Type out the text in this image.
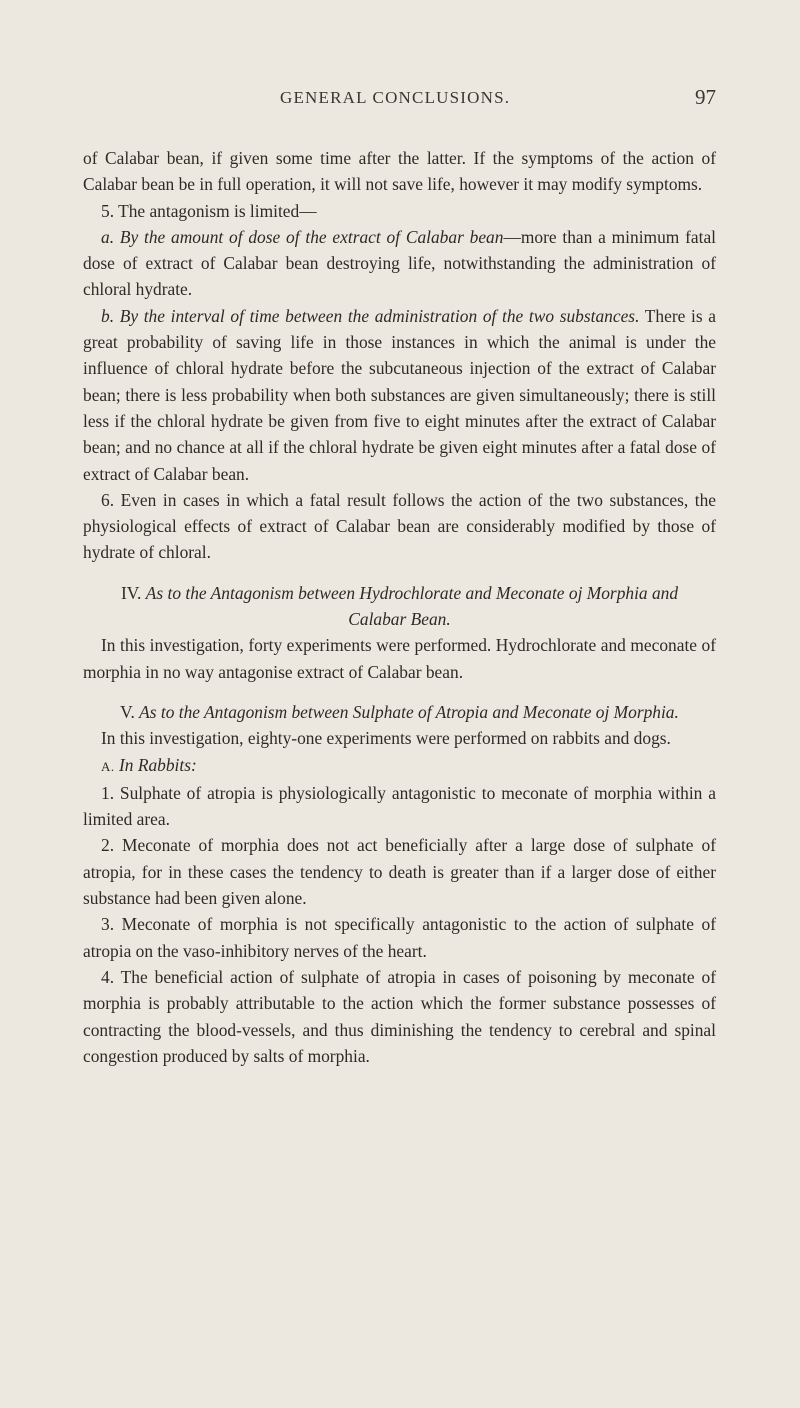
GENERAL CONCLUSIONS.	97

of Calabar bean, if given some time after the latter. If the symptoms of the action of Calabar bean be in full operation, it will not save life, however it may modify symptoms.

5. The antagonism is limited—

a. By the amount of dose of the extract of Calabar bean—more than a minimum fatal dose of extract of Calabar bean destroying life, notwithstanding the administration of chloral hydrate.

b. By the interval of time between the administration of the two substances. There is a great probability of saving life in those instances in which the animal is under the influence of chloral hydrate before the subcutaneous injection of the extract of Calabar bean; there is less probability when both substances are given simultaneously; there is still less if the chloral hydrate be given from five to eight minutes after the extract of Calabar bean; and no chance at all if the chloral hydrate be given eight minutes after a fatal dose of extract of Calabar bean.

6. Even in cases in which a fatal result follows the action of the two substances, the physiological effects of extract of Calabar bean are considerably modified by those of hydrate of chloral.

IV. As to the Antagonism between Hydrochlorate and Meconate oj Morphia and Calabar Bean.

In this investigation, forty experiments were performed. Hydrochlorate and meconate of morphia in no way antagonise extract of Calabar bean.

V. As to the Antagonism between Sulphate of Atropia and Meconate oj Morphia.

In this investigation, eighty-one experiments were performed on rabbits and dogs.

A. In Rabbits:

1. Sulphate of atropia is physiologically antagonistic to meconate of morphia within a limited area.

2. Meconate of morphia does not act beneficially after a large dose of sulphate of atropia, for in these cases the tendency to death is greater than if a larger dose of either substance had been given alone.

3. Meconate of morphia is not specifically antagonistic to the action of sulphate of atropia on the vaso-inhibitory nerves of the heart.

4. The beneficial action of sulphate of atropia in cases of poisoning by meconate of morphia is probably attributable to the action which the former substance possesses of contracting the blood-vessels, and thus diminishing the tendency to cerebral and spinal congestion produced by salts of morphia.
